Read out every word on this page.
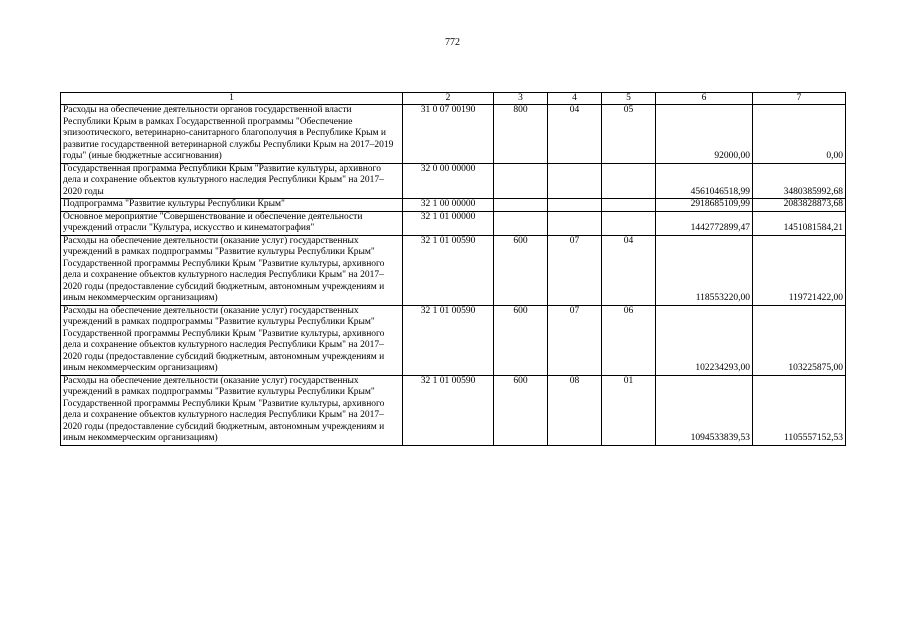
772
1	2	3	4	5	6	7
Расходы на обеспечение деятельности органов государственной власти Республики Крым в рамках Государственной программы "Обеспечение эпизоотического, ветеринарно-санитарного благополучия в Республике Крым и развитие государственной ветеринарной службы Республики Крым на 2017–2019 годы" (иные бюджетные ассигнования)	31 0 07 00190	800	04	05	92000,00	0,00
Государственная программа Республики Крым "Развитие культуры, архивного дела и сохранение объектов культурного наследия Республики Крым" на 2017–2020 годы	32 0 00 00000				4561046518,99	3480385992,68
Подпрограмма "Развитие культуры Республики Крым"	32 1 00 00000				2918685109,99	2083828873,68
Основное мероприятие "Совершенствование и обеспечение деятельности учреждений отрасли "Культура, искусство и кинематография"	32 1 01 00000				1442772899,47	1451081584,21
Расходы на обеспечение деятельности (оказание услуг) государственных учреждений в рамках подпрограммы "Развитие культуры Республики Крым" Государственной программы Республики Крым "Развитие культуры, архивного дела и сохранение объектов культурного наследия Республики Крым" на 2017–2020 годы (предоставление субсидий бюджетным, автономным учреждениям и иным некоммерческим организациям)	32 1 01 00590	600	07	04	118553220,00	119721422,00
Расходы на обеспечение деятельности (оказание услуг) государственных учреждений в рамках подпрограммы "Развитие культуры Республики Крым" Государственной программы Республики Крым "Развитие культуры, архивного дела и сохранение объектов культурного наследия Республики Крым" на 2017–2020 годы (предоставление субсидий бюджетным, автономным учреждениям и иным некоммерческим организациям)	32 1 01 00590	600	07	06	102234293,00	103225875,00
Расходы на обеспечение деятельности (оказание услуг) государственных учреждений в рамках подпрограммы "Развитие культуры Республики Крым" Государственной программы Республики Крым "Развитие культуры, архивного дела и сохранение объектов культурного наследия Республики Крым" на 2017–2020 годы (предоставление субсидий бюджетным, автономным учреждениям и иным некоммерческим организациям)	32 1 01 00590	600	08	01	1094533839,53	1105557152,53
